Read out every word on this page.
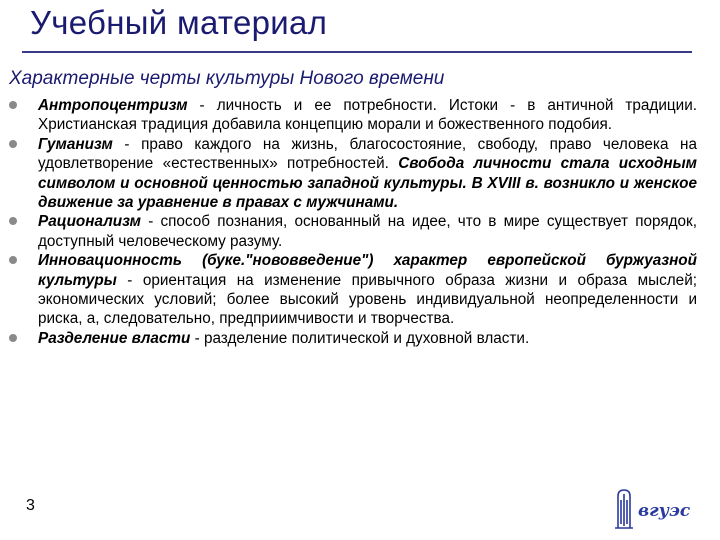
Учебный материал
Характерные черты культуры Нового времени
Антропоцентризм - личность и ее потребности. Истоки - в античной традиции. Христианская традиция добавила концепцию морали и божественного подобия.
Гуманизм - право каждого на жизнь, благосостояние, свободу, право человека на удовлетворение «естественных» потребностей. Свобода личности стала исходным символом и основной ценностью западной культуры. В XVIII в. возникло и женское движение за уравнение в правах с мужчинами.
Рационализм - способ познания, основанный на идее, что в мире существует порядок, доступный человеческому разуму.
Инновационность (буке."нововведение") характер европейской буржуазной культуры - ориентация на изменение привычного образа жизни и образа мыслей; экономических условий; более высокий уровень индивидуальной неопределенности и риска, а, следовательно, предприимчивости и творчества.
Разделение власти - разделение политической и духовной власти.
3	вгуэс
